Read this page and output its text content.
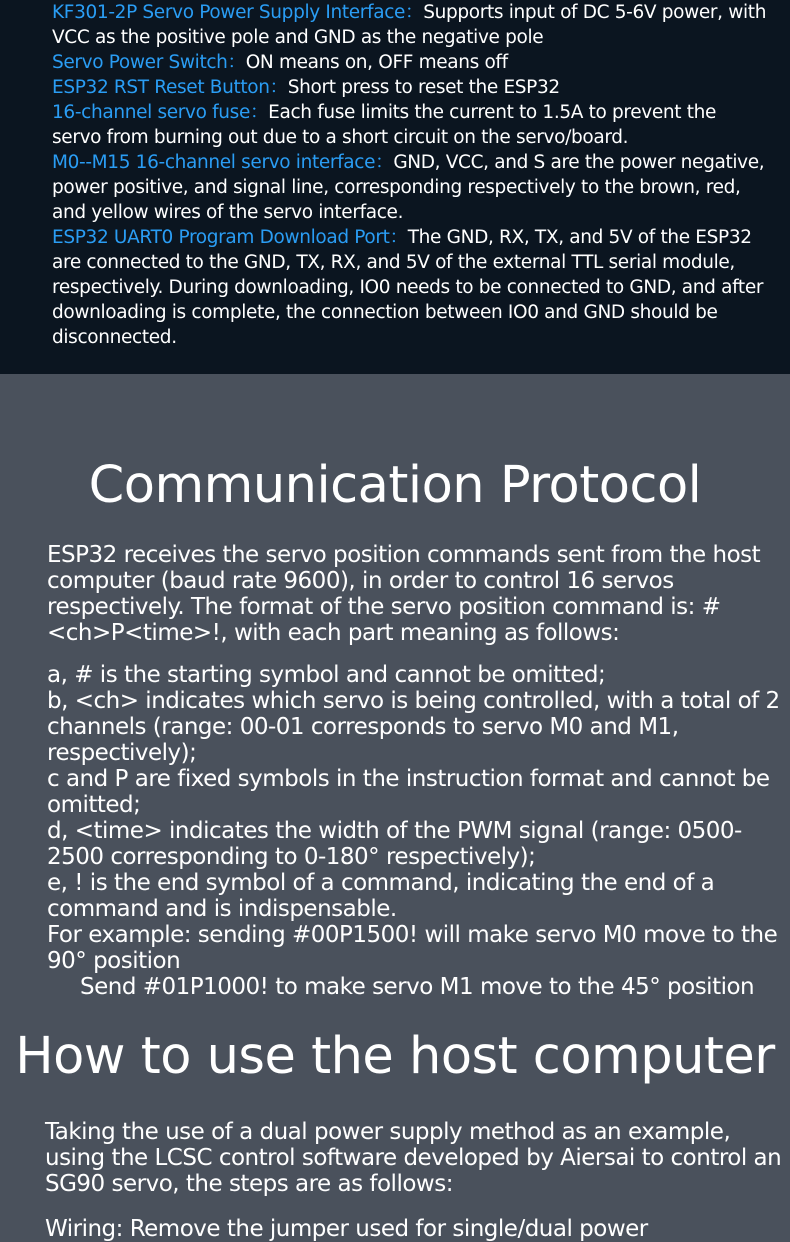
KF301-2P Servo Power Supply Interface：Supports input of DC 5-6V power, with VCC as the positive pole and GND as the negative pole

Servo Power Switch：ON means on, OFF means off

ESP32 RST Reset Button：Short press to reset the ESP32

16-channel servo fuse：Each fuse limits the current to 1.5A to prevent the servo from burning out due to a short circuit on the servo/board.

M0--M15 16-channel servo interface：GND, VCC, and S are the power negative, power positive, and signal line, corresponding respectively to the brown, red, and yellow wires of the servo interface.

ESP32 UART0 Program Download Port：The GND, RX, TX, and 5V of the ESP32 are connected to the GND, TX, RX, and 5V of the external TTL serial module, respectively. During downloading, IO0 needs to be connected to GND, and after downloading is complete, the connection between IO0 and GND should be disconnected.

Communication Protocol

ESP32 receives the servo position commands sent from the host computer (baud rate 9600), in order to control 16 servos respectively. The format of the servo position command is: #<ch>P<time>!, with each part meaning as follows:

a, # is the starting symbol and cannot be omitted;

b, <ch> indicates which servo is being controlled, with a total of 2 channels (range: 00-01 corresponds to servo M0 and M1, respectively);

c and P are fixed symbols in the instruction format and cannot be omitted;

d, <time> indicates the width of the PWM signal (range: 0500-2500 corresponding to 0-180° respectively);

e, ! is the end symbol of a command, indicating the end of a command and is indispensable.

For example: sending #00P1500! will make servo M0 move to the 90° position

Send #01P1000! to make servo M1 move to the 45° position

How to use the host computer

Taking the use of a dual power supply method as an example, using the LCSC control software developed by Aiersai to control an SG90 servo, the steps are as follows:

Wiring: Remove the jumper used for single/dual power
